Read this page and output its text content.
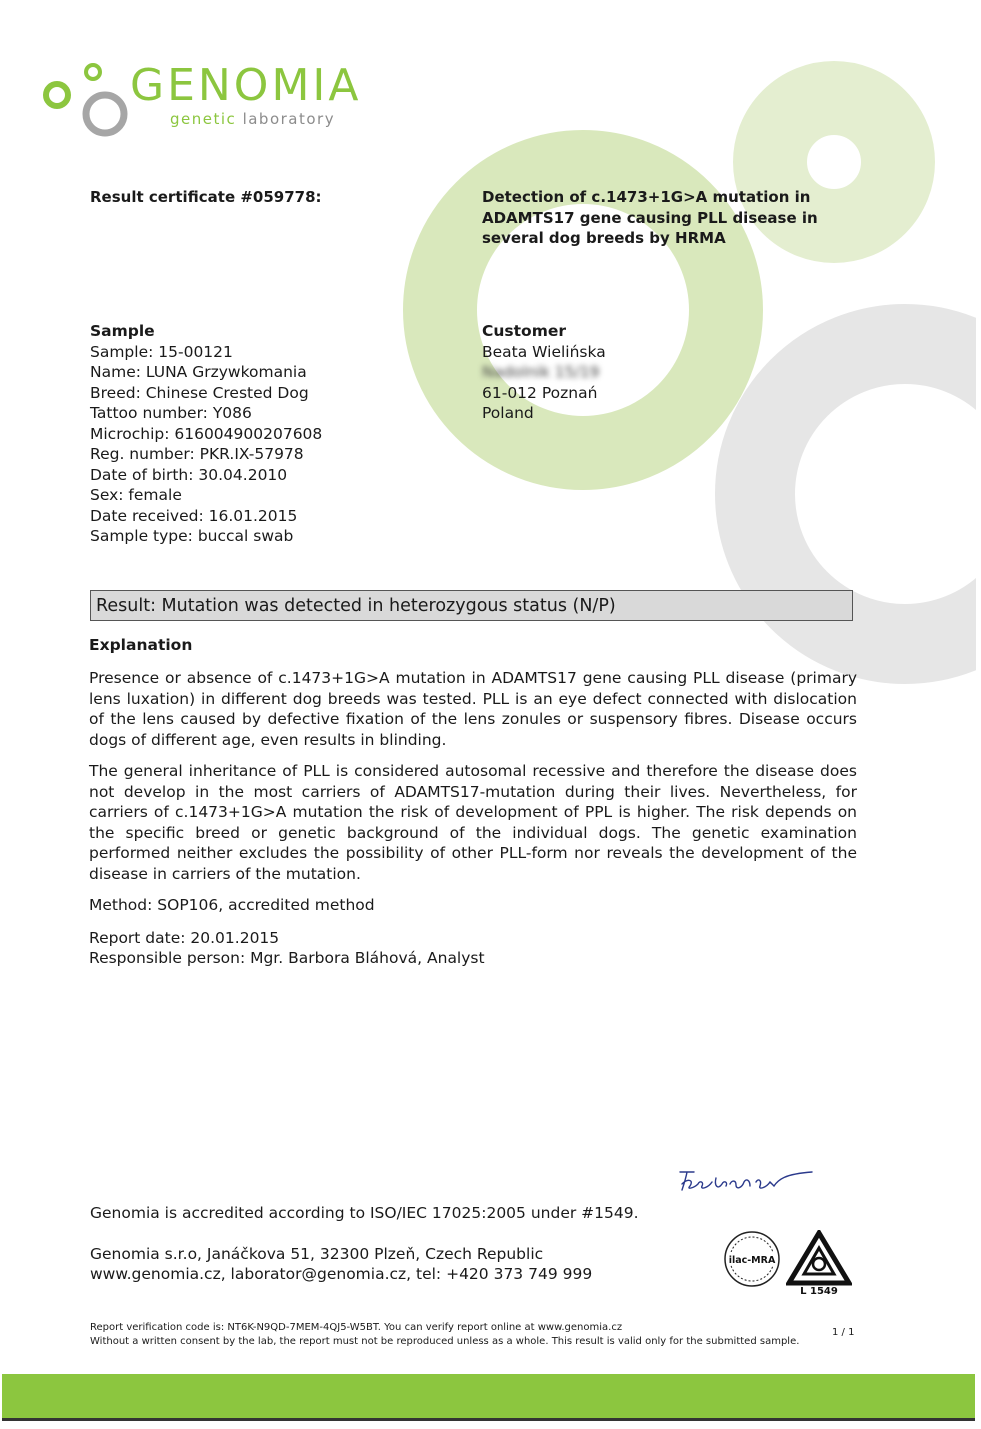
GENOMIA
genetic laboratory
Result certificate #059778:	Detection of c.1473+1G>A mutation in
ADAMTS17 gene causing PLL disease in
several dog breeds by HRMA
Sample
Sample: 15-00121
Name: LUNA Grzywkomania
Breed: Chinese Crested Dog
Tattoo number: Y086
Microchip: 616004900207608
Reg. number: PKR.IX-57978
Date of birth: 30.04.2010
Sex: female
Date received: 16.01.2015
Sample type: buccal swab
Customer
Beata Wielińska
Nadolnik 15/19
61-012 Poznań
Poland
Result: Mutation was detected in heterozygous status (N/P)
Explanation
Presence or absence of c.1473+1G>A mutation in ADAMTS17 gene causing PLL disease (primary lens luxation) in different dog breeds was tested. PLL is an eye defect connected with dislocation of the lens caused by defective fixation of the lens zonules or suspensory fibres. Disease occurs dogs of different age, even results in blinding.
The general inheritance of PLL is considered autosomal recessive and therefore the disease does not develop in the most carriers of ADAMTS17-mutation during their lives. Nevertheless, for carriers of c.1473+1G>A mutation the risk of development of PPL is higher. The risk depends on the specific breed or genetic background of the individual dogs. The genetic examination performed neither excludes the possibility of other PLL-form nor reveals the development of the disease in carriers of the mutation.
Method: SOP106, accredited method
Report date: 20.01.2015
Responsible person: Mgr. Barbora Bláhová, Analyst
Genomia is accredited according to ISO/IEC 17025:2005 under #1549.
Genomia s.r.o, Janáčkova 51, 32300 Plzeň, Czech Republic
www.genomia.cz, laborator@genomia.cz, tel: +420 373 749 999
ilac-MRA
L 1549
Report verification code is: NT6K-N9QD-7MEM-4QJ5-W5BT. You can verify report online at www.genomia.cz
Without a written consent by the lab, the report must not be reproduced unless as a whole. This result is valid only for the submitted sample.
1 / 1
